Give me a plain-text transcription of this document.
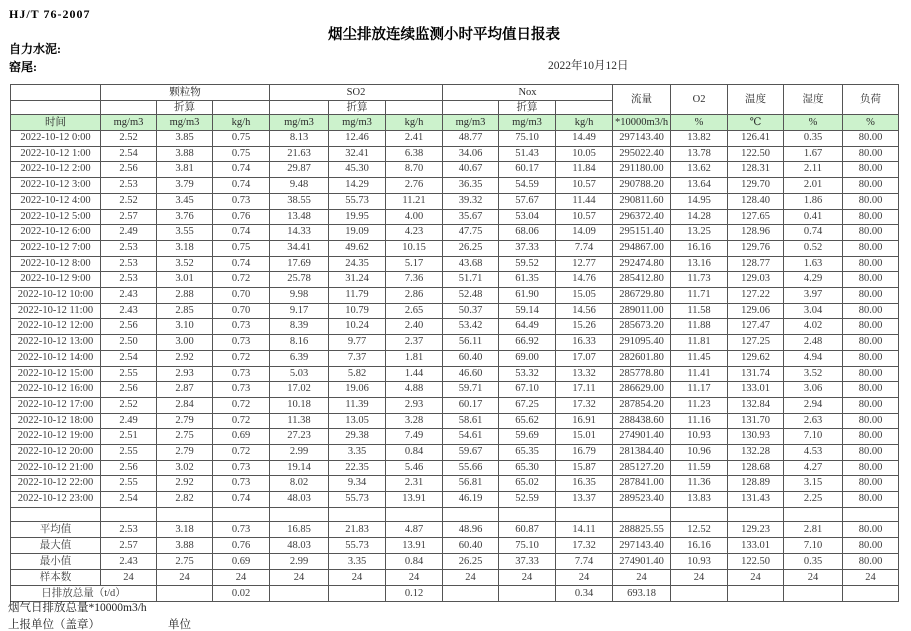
HJ/T 76-2007
烟尘排放连续监测小时平均值日报表
自力水泥:
窑尾:	2022年10月12日
	颗粒物			SO2			Nox			流量	O2	温度	湿度	负荷
		折算			折算			折算						
时间	mg/m3	mg/m3	kg/h	mg/m3	mg/m3	kg/h	mg/m3	mg/m3	kg/h	*10000m3/h	%	℃	%	%
2022-10-12 0:00	2.52	3.85	0.75	8.13	12.46	2.41	48.77	75.10	14.49	297143.40	13.82	126.41	0.35	80.00
2022-10-12 1:00	2.54	3.88	0.75	21.63	32.41	6.38	34.06	51.43	10.05	295022.40	13.78	122.50	1.67	80.00
2022-10-12 2:00	2.56	3.81	0.74	29.87	45.30	8.70	40.67	60.17	11.84	291180.00	13.62	128.31	2.11	80.00
2022-10-12 3:00	2.53	3.79	0.74	9.48	14.29	2.76	36.35	54.59	10.57	290788.20	13.64	129.70	2.01	80.00
2022-10-12 4:00	2.52	3.45	0.73	38.55	55.73	11.21	39.32	57.67	11.44	290811.60	14.95	128.40	1.86	80.00
2022-10-12 5:00	2.57	3.76	0.76	13.48	19.95	4.00	35.67	53.04	10.57	296372.40	14.28	127.65	0.41	80.00
2022-10-12 6:00	2.49	3.55	0.74	14.33	19.09	4.23	47.75	68.06	14.09	295151.40	13.25	128.96	0.74	80.00
2022-10-12 7:00	2.53	3.18	0.75	34.41	49.62	10.15	26.25	37.33	7.74	294867.00	16.16	129.76	0.52	80.00
2022-10-12 8:00	2.53	3.52	0.74	17.69	24.35	5.17	43.68	59.52	12.77	292474.80	13.16	128.77	1.63	80.00
2022-10-12 9:00	2.53	3.01	0.72	25.78	31.24	7.36	51.71	61.35	14.76	285412.80	11.73	129.03	4.29	80.00
2022-10-12 10:00	2.43	2.88	0.70	9.98	11.79	2.86	52.48	61.90	15.05	286729.80	11.71	127.22	3.97	80.00
2022-10-12 11:00	2.43	2.85	0.70	9.17	10.79	2.65	50.37	59.14	14.56	289011.00	11.58	129.06	3.04	80.00
2022-10-12 12:00	2.56	3.10	0.73	8.39	10.24	2.40	53.42	64.49	15.26	285673.20	11.88	127.47	4.02	80.00
2022-10-12 13:00	2.50	3.00	0.73	8.16	9.77	2.37	56.11	66.92	16.33	291095.40	11.81	127.25	2.48	80.00
2022-10-12 14:00	2.54	2.92	0.72	6.39	7.37	1.81	60.40	69.00	17.07	282601.80	11.45	129.62	4.94	80.00
2022-10-12 15:00	2.55	2.93	0.73	5.03	5.82	1.44	46.60	53.32	13.32	285778.80	11.41	131.74	3.52	80.00
2022-10-12 16:00	2.56	2.87	0.73	17.02	19.06	4.88	59.71	67.10	17.11	286629.00	11.17	133.01	3.06	80.00
2022-10-12 17:00	2.52	2.84	0.72	10.18	11.39	2.93	60.17	67.25	17.32	287854.20	11.23	132.84	2.94	80.00
2022-10-12 18:00	2.49	2.79	0.72	11.38	13.05	3.28	58.61	65.62	16.91	288438.60	11.16	131.70	2.63	80.00
2022-10-12 19:00	2.51	2.75	0.69	27.23	29.38	7.49	54.61	59.69	15.01	274901.40	10.93	130.93	7.10	80.00
2022-10-12 20:00	2.55	2.79	0.72	2.99	3.35	0.84	59.67	65.35	16.79	281384.40	10.96	132.28	4.53	80.00
2022-10-12 21:00	2.56	3.02	0.73	19.14	22.35	5.46	55.66	65.30	15.87	285127.20	11.59	128.68	4.27	80.00
2022-10-12 22:00	2.55	2.92	0.73	8.02	9.34	2.31	56.81	65.02	16.35	287841.00	11.36	128.89	3.15	80.00
2022-10-12 23:00	2.54	2.82	0.74	48.03	55.73	13.91	46.19	52.59	13.37	289523.40	13.83	131.43	2.25	80.00

平均值	2.53	3.18	0.73	16.85	21.83	4.87	48.96	60.87	14.11	288825.55	12.52	129.23	2.81	80.00
最大值	2.57	3.88	0.76	48.03	55.73	13.91	60.40	75.10	17.32	297143.40	16.16	133.01	7.10	80.00
最小值	2.43	2.75	0.69	2.99	3.35	0.84	26.25	37.33	7.74	274901.40	10.93	122.50	0.35	80.00
样本数	24	24	24	24	24	24	24	24	24	24	24	24	24	24
日排放总量（t/d）			0.02			0.12			0.34	693.18				
烟气日排放总量*10000m3/h
上报单位（盖章）	单位
